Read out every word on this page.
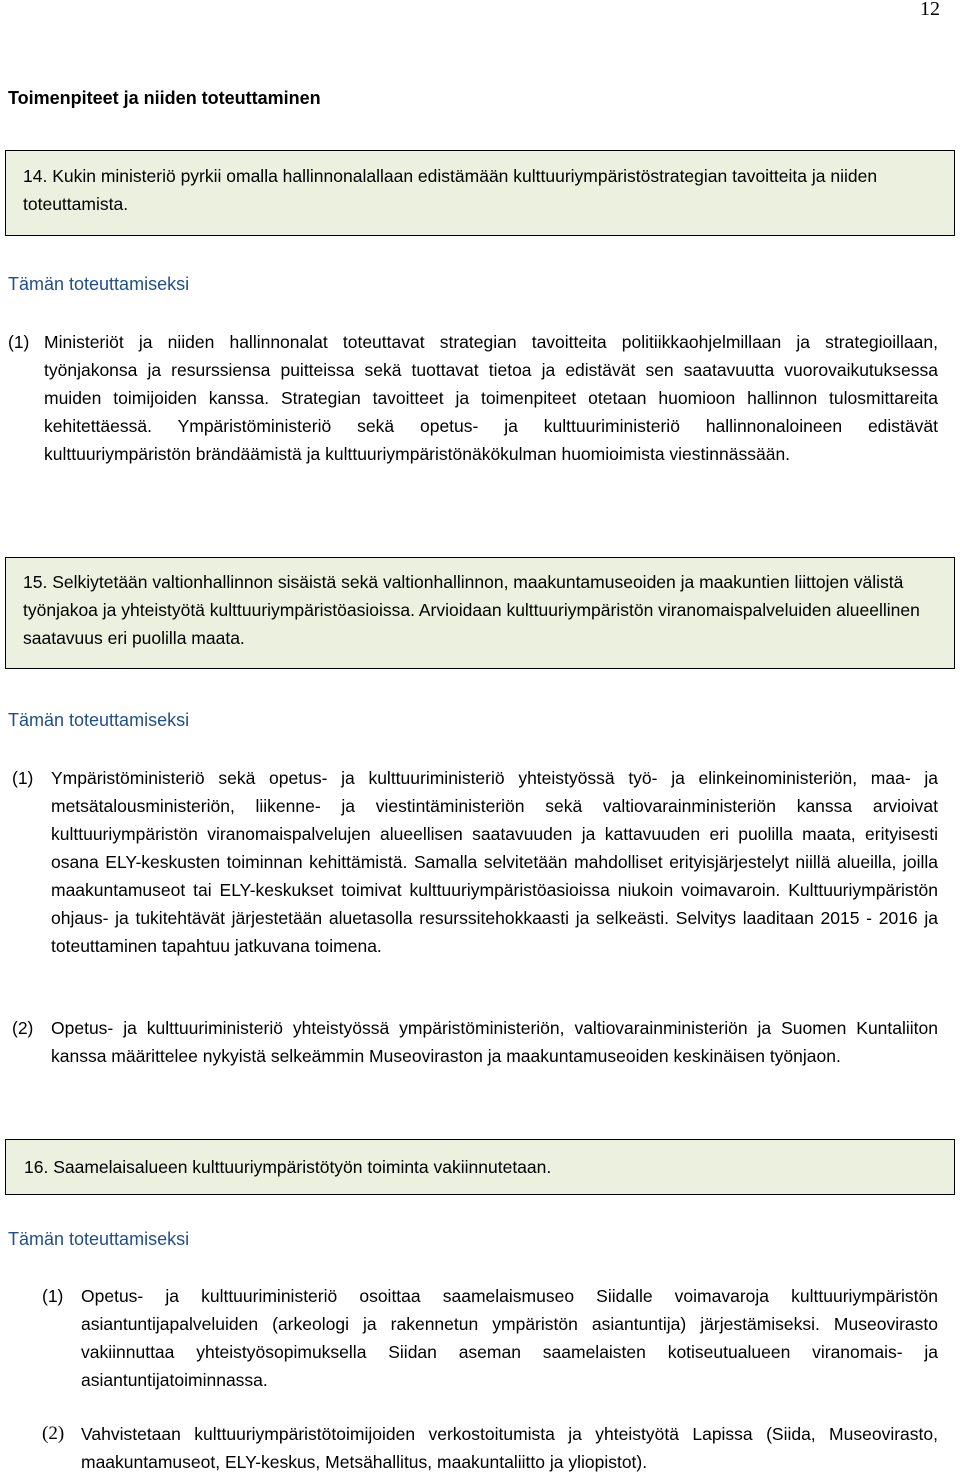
12
Toimenpiteet ja niiden toteuttaminen
14. Kukin ministeriö pyrkii omalla hallinnonalallaan edistämään kulttuuriympäristöstrategian tavoitteita ja niiden toteuttamista.
Tämän toteuttamiseksi
(1) Ministeriöt ja niiden hallinnonalat toteuttavat strategian tavoitteita politiikkaohjelmillaan ja strategioillaan, työnjakonsa ja resurssiensa puitteissa sekä tuottavat tietoa ja edistävät sen saatavuutta vuorovaikutuksessa muiden toimijoiden kanssa. Strategian tavoitteet ja toimenpiteet otetaan huomioon hallinnon tulosmittareita kehitettäessä. Ympäristöministeriö sekä opetus- ja kulttuuriministeriö hallinnonaloineen edistävät kulttuuriympäristön brändäämistä ja kulttuuriympäristönäkökulman huomioimista viestinnässään.
15. Selkiytetään valtionhallinnon sisäistä sekä valtionhallinnon, maakuntamuseoiden ja maakuntien liittojen välistä työnjakoa ja yhteistyötä kulttuuriympäristöasioissa. Arvioidaan kulttuuriympäristön viranomaispalveluiden alueellinen saatavuus eri puolilla maata.
Tämän toteuttamiseksi
(1)	Ympäristöministeriö sekä opetus- ja kulttuuriministeriö yhteistyössä työ- ja elinkeinoministeriön, maa- ja metsätalousministeriön, liikenne- ja viestintäministeriön sekä valtiovarainministeriön kanssa arvioivat kulttuuriympäristön viranomaispalvelujen alueellisen saatavuuden ja kattavuuden eri puolilla maata, erityisesti osana ELY-keskusten toiminnan kehittämistä. Samalla selvitetään mahdolliset erityisjärjestelyt niillä alueilla, joilla maakuntamuseot tai ELY-keskukset toimivat kulttuuriympäristöasioissa niukoin voimavaroin. Kulttuuriympäristön ohjaus- ja tukitehtävät järjestetään aluetasolla resurssitehokkaasti ja selkeästi. Selvitys laaditaan 2015 - 2016 ja toteuttaminen tapahtuu jatkuvana toimena.
(2)	Opetus- ja kulttuuriministeriö yhteistyössä ympäristöministeriön, valtiovarainministeriön ja Suomen Kuntaliiton kanssa määrittelee nykyistä selkeämmin Museoviraston ja maakuntamuseoiden keskinäisen työnjaon.
16. Saamelaisalueen kulttuuriympäristötyön toiminta vakiinnutetaan.
Tämän toteuttamiseksi
(1)	Opetus- ja kulttuuriministeriö osoittaa saamelaismuseo Siidalle voimavaroja kulttuuriympäristön asiantuntijapalveluiden (arkeologi ja rakennetun ympäristön asiantuntija) järjestämiseksi. Museovirasto vakiinnuttaa yhteistyösopimuksella Siidan aseman saamelaisten kotiseutualueen viranomais- ja asiantuntijatoiminnassa.
(2) Vahvistetaan kulttuuriympäristötoimijoiden verkostoitumista ja yhteistyötä Lapissa (Siida, Museovirasto, maakuntamuseot, ELY-keskus, Metsähallitus, maakuntaliitto ja yliopistot).
